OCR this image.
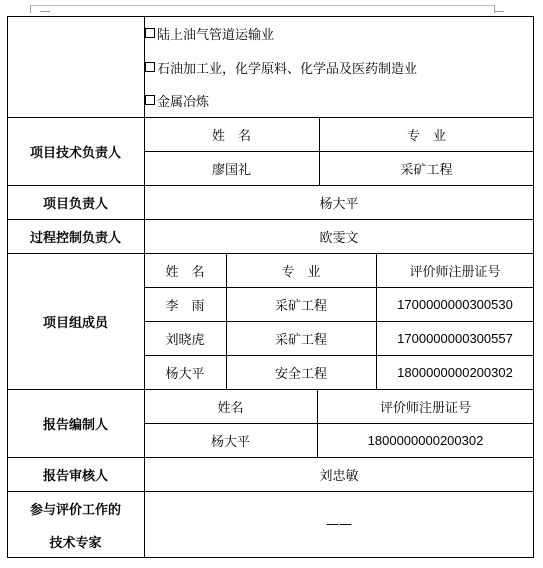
陆上油气管道运输业
石油加工业，化学原料、化学品及医药制造业
金属冶炼
项目技术负责人
姓　名	专　业
廖国礼	采矿工程
项目负责人	杨大平
过程控制负责人	欧雯文
项目组成员
姓　名	专　业	评价师注册证号
李　雨	采矿工程	1700000000300530
刘晓虎	采矿工程	1700000000300557
杨大平	安全工程	1800000000200302
报告编制人
姓名	评价师注册证号
杨大平	1800000000200302
报告审核人	刘忠敏
参与评价工作的
技术专家
——
